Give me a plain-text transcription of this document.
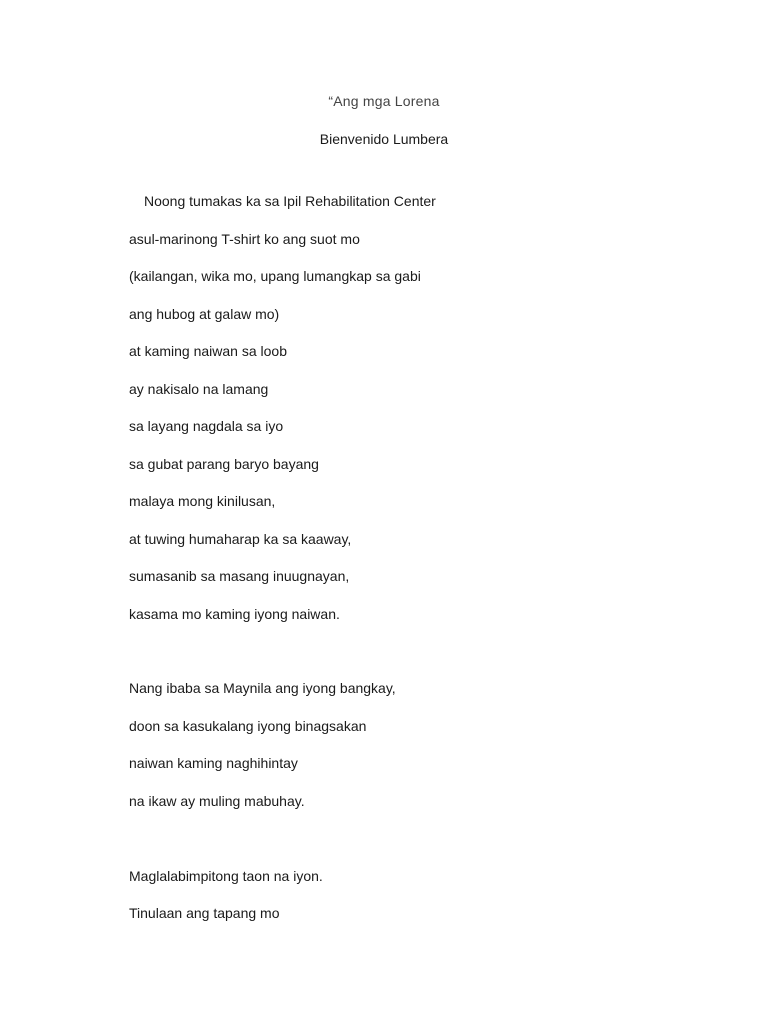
“Ang mga Lorena
Bienvenido Lumbera
Noong tumakas ka sa Ipil Rehabilitation Center
asul-marinong T-shirt ko ang suot mo
(kailangan, wika mo, upang lumangkap sa gabi
ang hubog at galaw mo)
at kaming naiwan sa loob
ay nakisalo na lamang
sa layang nagdala sa iyo
sa gubat parang baryo bayang
malaya mong kinilusan,
at tuwing humaharap ka sa kaaway,
sumasanib sa masang inuugnayan,
kasama mo kaming iyong naiwan.
Nang ibaba sa Maynila ang iyong bangkay,
doon sa kasukalang iyong binagsakan
naiwan kaming naghihintay
na ikaw ay muling mabuhay.
Maglalabimpitong taon na iyon.
Tinulaan ang tapang mo
